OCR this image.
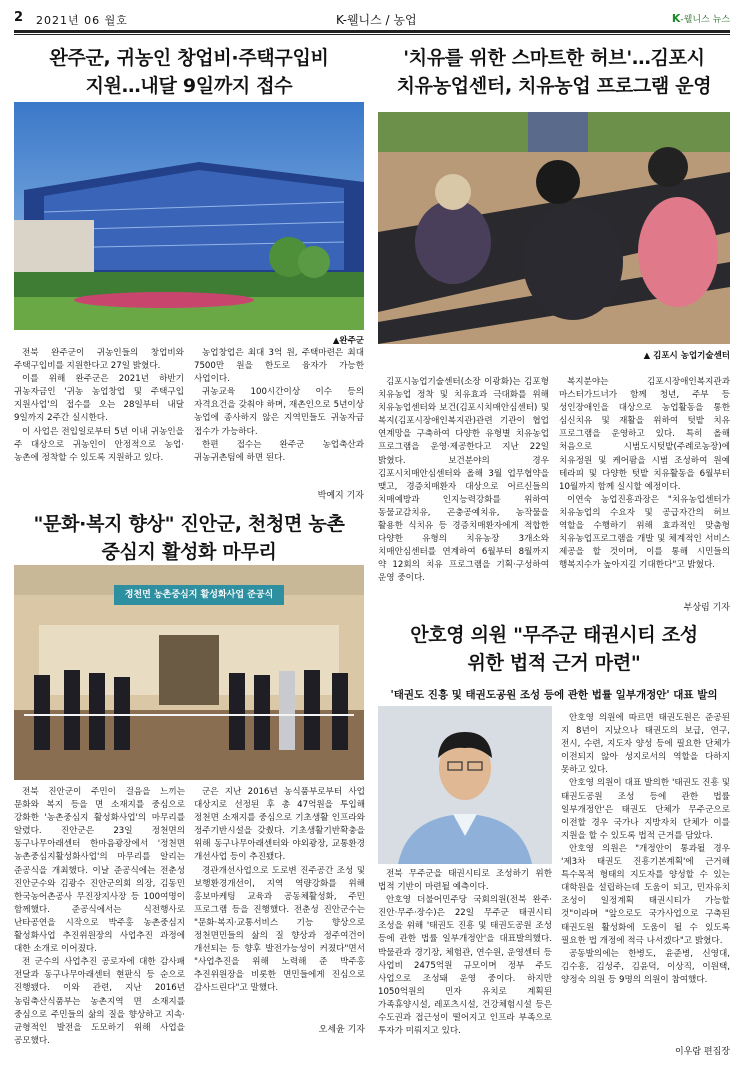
2 2021년 06 월호	K-웰니스 / 농업	K-웰니스 뉴스
완주군, 귀농인 창업비·주택구입비
지원…내달 9일까지 접수
▲완주군

전북 완주군이 귀농인들의 창업비와 주택구입비를 지원한다고 27일 밝혔다.

이를 위해 완주군은 2021년 하반기 귀농자금인 '귀농 농업창업 및 주택구입 지원사업'의 접수를 오는 28일부터 내달 9일까지 2주간 실시한다.

이 사업은 전입일로부터 5년 이내 귀농인을 주 대상으로 귀농인이 안정적으로 농업·농촌에 정착할 수 있도록 지원하고 있다.

농업창업은 최대 3억 원, 주택마련은 최대 7500만 원을 한도로 융자가 가능한 사업이다.

귀농교육 100시간이상 이수 등의 자격요건을 갖춰야 하며, 재촌인으로 5년이상 농업에 종사하지 않은 지역민들도 귀농자금 접수가 가능하다.

한편 접수는 완주군 농업축산과 귀농귀촌팀에 하면 된다.

박예지 기자
'치유를 위한 스마트한 허브'…김포시
치유농업센터, 치유농업 프로그램 운영
▲ 김포시 농업기술센터

김포시농업기술센터(소장 이광화)는 김포형 치유농업 정착 및 치유효과 극대화를 위해 치유농업센터와 보건(김포시치매안심센터) 및 복지(김포시장애인복지관)관련 기관이 협업 연계망을 구축하여 다양한 유형별 치유농업 프로그램을 운영·제공한다고 지난 22일 밝혔다. 보건분야의 경우 김포시치매안심센터와 올해 3월 업무협약을 맺고, 경증치매환자 대상으로 어르신들의 치매예방과 인지능력강화를 위하여 동물교감치유, 곤충공예치유, 농작물을 활용한 식치유 등 경증치매환자에게 적합한 다양한 유형의 치유농장 3개소와 치매안심센터를 연계하여 6월부터 8월까지 약 12회의 치유 프로그램을 기획·구성하여 운영 중이다.

복지분야는 김포시장애인복지관과 마스터가드너가 함께 청년, 주부 등 성인장애인을 대상으로 농업활동을 통한 심신치유 및 재활을 위하여 텃밭 치유 프로그램을 운영하고 있다. 특히 올해 처음으로 시범도시텃밭(주례로농장)에 치유정원 및 케어팜을 시범 조성하여 원예 테라피 및 다양한 텃밭 치유활동을 6월부터 10월까지 함께 실시할 예정이다.

이연숙 농업진흥과장은 "치유농업센터가 치유농업의 수요자 및 공급자간의 허브 역할을 수행하기 위해 효과적인 맞춤형 치유농업프로그램을 개발 및 체계적인 서비스 제공을 할 것이며, 이를 통해 시민들의 행복지수가 높아지길 기대한다"고 밝혔다.

부상림 기자
"문화·복지 향상" 진안군, 천청면 농촌
중심지 활성화 마무리
정천면 농촌중심지 활성화사업 준공식

전북 진안군이 주민이 걸음을 느끼는 문화와 복지 등을 면 소재지를 중심으로 강화한 '농촌중심지 활성화사업'의 마무리를 알렸다. 진안군은 23일 정천면의 동구나무아래센터 한마음광장에서 '정천면 농촌중심지활성화사업'의 마무리를 알리는 준공식을 개최했다. 이날 준공식에는 전춘성 진안군수와 김광수 진안군의회 의장, 김동민 한국농어촌공사 무진장지사장 등 100여명이 함께했다. 준공식에서는 식전행사로 난타공연을 시작으로 박주홍 농촌중심지 활성화사업 추진위원장의 사업추진 과정에 대한 소개로 이어졌다.

전 군수의 사업추진 공로자에 대한 감사패 전달과 동구나무아래센터 현판식 등 순으로 진행됐다. 이와 관련, 지난 2016년 농림축산식품부는 농촌지역 면 소재지를 중심으로 주민들의 삶의 질을 향상하고 지속·균형적인 발전을 도모하기 위해 사업을 공모했다.

군은 지난 2016년 농식품부로부터 사업 대상지로 선정된 후 총 47억원을 투입해 정천면 소재지를 중심으로 기초생활 인프라와 정주기반시설을 갖췄다. 기초생활기반확충을 위해 동구나무아래센터와 야외광장, 교통환경 개선사업 등이 추진됐다.

경관개선사업으로 도로변 진주공간 조성 및 보행환경개선이, 지역 역량강화를 위해 홍보마케팅 교육과 공동체활성화, 주민 프로그램 등을 진행했다. 전춘성 진안군수는 "문화·복지·교통서비스 기능 향상으로 정천면민들의 삶의 질 향상과 정주여건이 개선되는 등 향후 발전가능성이 커졌다"면서 "사업추진을 위해 노력해 준 박주홍 추진위원장을 비롯한 면민들에게 진심으로 감사드린다"고 말했다.

오세윤 기자
안호영 의원 "무주군 태권시티 조성
위한 법적 근거 마련"
'태권도 진흥 및 태권도공원 조성 등에 관한 법률 일부개정안' 대표 발의

전북 무주군을 태권시티로 조성하기 위한 법적 기반이 마련될 예측이다.

안호영 더불어민주당 국회의원(전북 완주·진안·무주·장수)은 22일 무주군 태권시티 조성을 위해 '태권도 진흥 및 태권도공원 조성 등에 관한 법률 일부개정안'을 대표발의했다. 박물관과 경기장, 체험관, 연수원, 운영센터 등 사업비 2475억원 규모이며 정부 주도 사업으로 조성돼 운영 중이다. 하지만 1050억원의 민자 유치로 계획된 가족휴양시설, 레포츠시설, 건강체험시설 등은 수도권과 접근성이 떨어지고 인프라 부족으로 투자가 미뤄지고 있다.

안호영 의원에 따르면 태권도원은 준공된 지 8년이 지났으나 태권도의 보급, 연구, 전시, 수련, 지도자 양성 등에 필요한 단체가 이전되지 않아 성지로서의 역할을 다하지 못하고 있다.

안호영 의원이 대표 발의한 '태권도 진흥 및 태권도공원 조성 등에 관한 법률 일부개정안'은 태권도 단체가 무주군으로 이전할 경우 국가나 지방자치 단체가 이를 지원을 할 수 있도록 법적 근거를 담았다.

안호영 의원은 "개정안이 통과될 경우 '제3차 태권도 진흥기본계획'에 근거해 특수목적 형태의 지도자를 양성할 수 있는 대학원을 설립하는데 도움이 되고, 민자유치 조성이 일정계획 태권시티가 가능할 것"이라며 "앞으로도 국가사업으로 구축된 태권도원 활성화에 도움이 될 수 있도록 필요한 법 개정에 적극 나서겠다"고 밝혔다.

공동발의에는 한병도, 윤준병, 신영대, 김수흥, 김성주, 김윤덕, 이상직, 이원택, 양정숙 의원 등 9명의 의원이 참여했다.

이우람 편집장
